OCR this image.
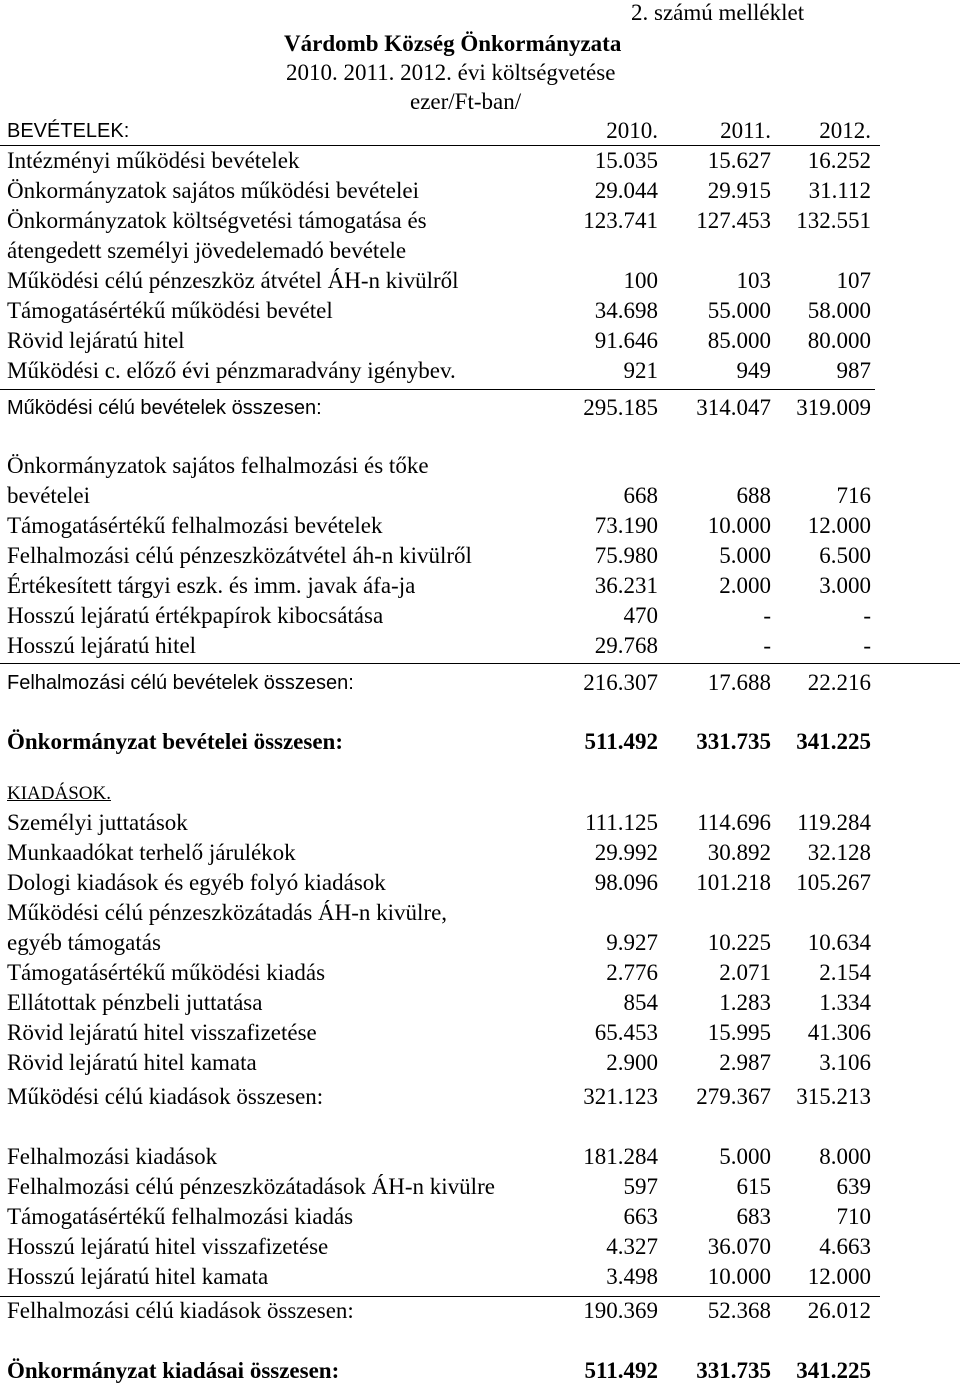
2. számú melléklet
Várdomb Község Önkormányzata
2010. 2011. 2012. évi költségvetése
ezer/Ft-ban/
BEVÉTELEK:	2010.	2011. 2012.
Intézményi működési bevételek	15.035 15.627 16.252
Önkormányzatok sajátos működési bevételei	29.044 29.915 31.112
Önkormányzatok költségvetési támogatása és	123.741 127.453 132.551
átengedett személyi jövedelemadó bevétele
Működési célú pénzeszköz átvétel ÁH-n kivülről	100	103	107
Támogatásértékű működési bevétel	34.698 55.000 58.000
Rövid lejáratú hitel	91.646 85.000 80.000
Működési c. előző évi pénzmaradvány igénybev.	921	949	987
Működési célú bevételek összesen:	295.185 314.047 319.009
Önkormányzatok sajátos felhalmozási és tőke
bevételei	668	688	716
Támogatásértékű felhalmozási bevételek	73.190 10.000 12.000
Felhalmozási célú pénzeszközátvétel áh-n kivülről	75.980	5.000 6.500
Értékesített tárgyi eszk. és imm. javak áfa-ja	36.231	2.000 3.000
Hosszú lejáratú értékpapírok kibocsátása	470	-	-
Hosszú lejáratú hitel	29.768	-	-
Felhalmozási célú bevételek összesen:	216.307 17.688 22.216
Önkormányzat bevételei összesen:	511.492 331.735 341.225
KIADÁSOK.
Személyi juttatások	111.125 114.696 119.284
Munkaadókat terhelő járulékok	29.992 30.892 32.128
Dologi kiadások és egyéb folyó kiadások	98.096 101.218 105.267
Működési célú pénzeszközátadás ÁH-n kivülre,
egyéb támogatás	9.927 10.225 10.634
Támogatásértékű működési kiadás	2.776	2.071 2.154
Ellátottak pénzbeli juttatása	854	1.283 1.334
Rövid lejáratú hitel visszafizetése	65.453 15.995 41.306
Rövid lejáratú hitel kamata	2.900	2.987 3.106
Működési célú kiadások összesen:	321.123 279.367 315.213
Felhalmozási kiadások	181.284	5.000 8.000
Felhalmozási célú pénzeszközátadások ÁH-n kivülre	597	615	639
Támogatásértékű felhalmozási kiadás	663	683	710
Hosszú lejáratú hitel visszafizetése	4.327 36.070 4.663
Hosszú lejáratú hitel kamata	3.498 10.000 12.000
Felhalmozási célú kiadások összesen:	190.369 52.368 26.012
Önkormányzat kiadásai összesen:	511.492 331.735 341.225
